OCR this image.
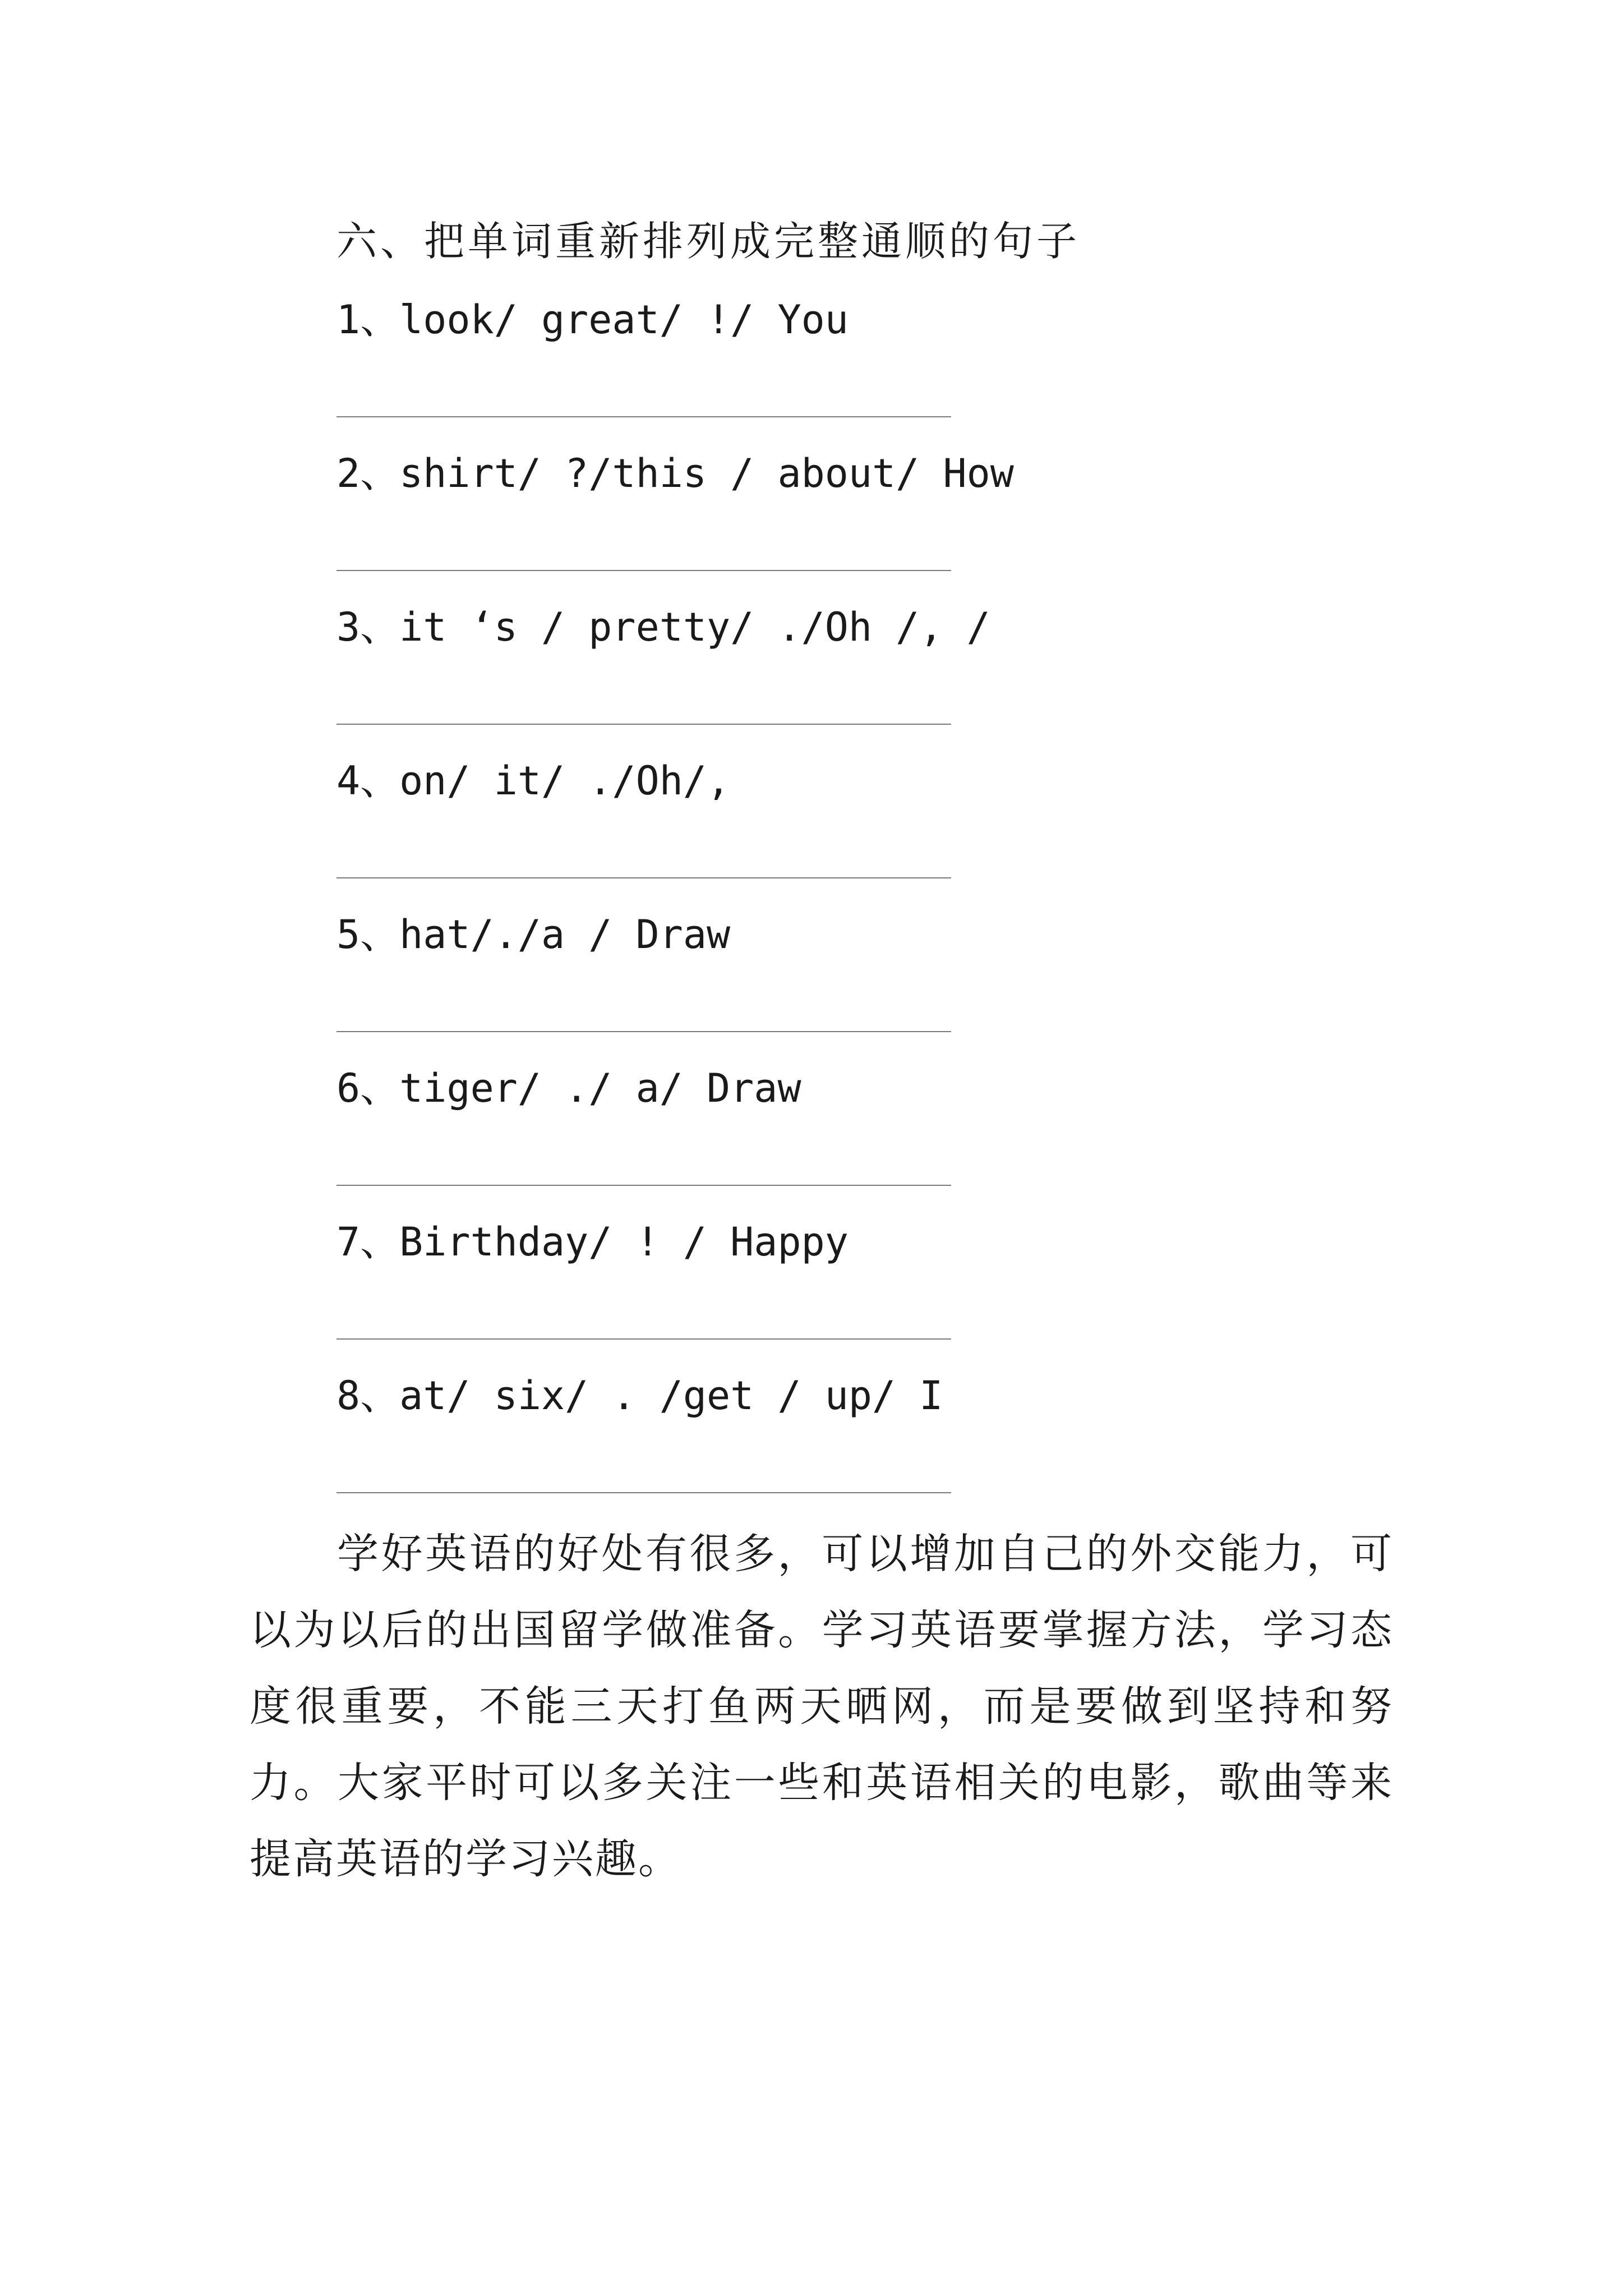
六、把单词重新排列成完整通顺的句子
1、look/ great/ !/ You
2、shirt/ ?/this / about/ How
3、it ‘s / pretty/ ./Oh /, /
4、on/ it/ ./Oh/,
5、hat/./a / Draw
6、tiger/ ./ a/ Draw
7、Birthday/ ! / Happy
8、at/ six/ . /get / up/ I

学好英语的好处有很多，可以增加自己的外交能力，可以为以后的出国留学做准备。学习英语要掌握方法，学习态度很重要，不能三天打鱼两天晒网，而是要做到坚持和努力。大家平时可以多关注一些和英语相关的电影，歌曲等来提高英语的学习兴趣。
